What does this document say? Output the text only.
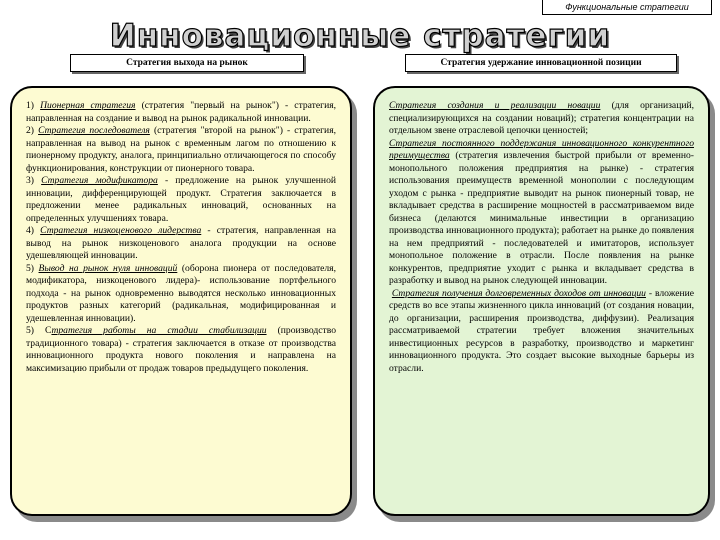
Функциональные стратегии
Инновационные стратегии
Стратегия выхода на рынок	Стратегия удержание инновационной позиции

1) Пионерная стратегия (стратегия "первый на рынок") - стратегия, направленная на создание и вывод на рынок радикальной инновации.

2) Стратегия последователя (стратегия "второй на рынок") - стратегия, направленная на вывод на рынок с временным лагом по отношению к пионерному продукту, аналога, принципиально отличающегося по способу функционирования, конструкции от пионерного товара.

3) Стратегия модификатора - предложение на рынок улучшенной инновации, дифференцирующей продукт. Стратегия заключается в предложении менее радикальных инноваций, основанных на определенных улучшениях товара.

4) Стратегия низкоценового лидерства - стратегия, направленная на вывод на рынок низкоценового аналога продукции на основе удешевляющей инновации.

5) Вывод на рынок нуля инноваций (оборона пионера от последователя, модификатора, низкоценового лидера)- использование портфельного подхода - на рынок одновременно выводятся несколько инновационных продуктов разных категорий (радикальная, модифицированная и удешевленная инновации).

5) Стратегия работы на стадии стабилизации (производство традиционного товара) - стратегия заключается в отказе от производства инновационного продукта нового поколения и направлена на максимизацию прибыли от продаж товаров предыдущего поколения.

Стратегия создания и реализации новации (для организаций, специализирующихся на создании новаций); стратегия концентрации на отдельном звене отраслевой цепочки ценностей;

Стратегия постоянного поддержания инновационного конкурентного преимущества (стратегия извлечения быстрой прибыли от временно-монопольного положения предприятия на рынке) - стратегия использования преимуществ временной монополии с последующим уходом с рынка - предприятие выводит на рынок пионерный товар, не вкладывает средства в расширение мощностей в рассматриваемом виде бизнеса (делаются минимальные инвестиции в организацию производства инновационного продукта); работает на рынке до появления на нем предприятий - последователей и имитаторов, использует монопольное положение в отрасли. После появления на рынке конкурентов, предприятие уходит с рынка и вкладывает средства в разработку и вывод на рынок следующей инновации.

Стратегия получения долговременных доходов от инновации - вложение средств во все этапы жизненного цикла инноваций (от создания новации, до организации, расширения производства, диффузии). Реализация рассматриваемой стратегии требует вложения значительных инвестиционных ресурсов в разработку, производство и маркетинг инновационного продукта. Это создает высокие выходные барьеры из отрасли.
